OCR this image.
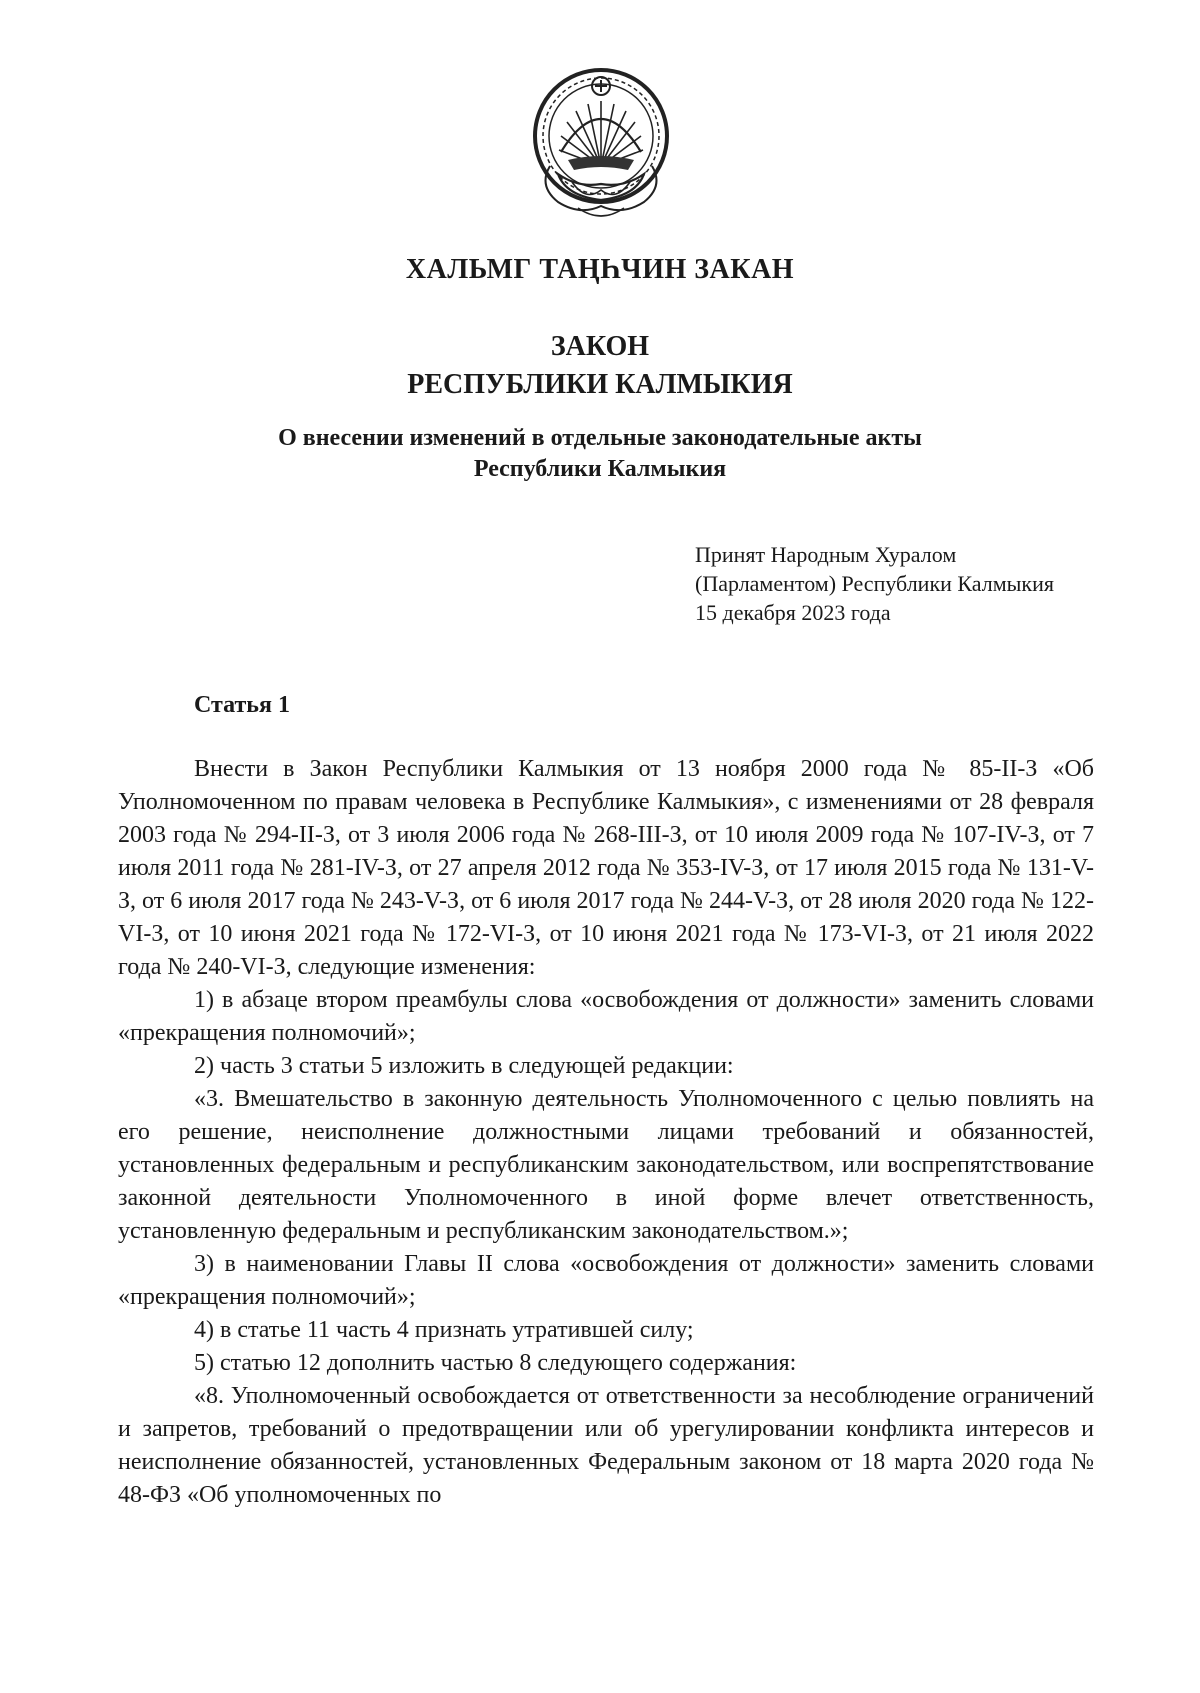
ХАЛЬМГ ТАҢҺЧИН ЗАКАН
ЗАКОН
РЕСПУБЛИКИ КАЛМЫКИЯ
О внесении изменений в отдельные законодательные акты
Республики Калмыкия
Принят Народным Хуралом
(Парламентом) Республики Калмыкия
15 декабря 2023 года
Статья 1

Внести в Закон Республики Калмыкия от 13 ноября 2000 года № 85-II-З «Об Уполномоченном по правам человека в Республике Калмыкия», с изменениями от 28 февраля 2003 года № 294-II-З, от 3 июля 2006 года № 268-III-З, от 10 июля 2009 года № 107-IV-З, от 7 июля 2011 года № 281-IV-З, от 27 апреля 2012 года № 353-IV-З, от 17 июля 2015 года № 131-V-З, от 6 июля 2017 года № 243-V-З, от 6 июля 2017 года № 244-V-З, от 28 июля 2020 года № 122-VI-З, от 10 июня 2021 года № 172-VI-З, от 10 июня 2021 года № 173-VI-З, от 21 июля 2022 года № 240-VI-З, следующие изменения:

1) в абзаце втором преамбулы слова «освобождения от должности» заменить словами «прекращения полномочий»;

2) часть 3 статьи 5 изложить в следующей редакции:

«3. Вмешательство в законную деятельность Уполномоченного с целью повлиять на его решение, неисполнение должностными лицами требований и обязанностей, установленных федеральным и республиканским законодательством, или воспрепятствование законной деятельности Уполномоченного в иной форме влечет ответственность, установленную федеральным и республиканским законодательством.»;

3) в наименовании Главы II слова «освобождения от должности» заменить словами «прекращения полномочий»;

4) в статье 11 часть 4 признать утратившей силу;

5) статью 12 дополнить частью 8 следующего содержания:

«8. Уполномоченный освобождается от ответственности за несоблюдение ограничений и запретов, требований о предотвращении или об урегулировании конфликта интересов и неисполнение обязанностей, установленных Федеральным законом от 18 марта 2020 года № 48-ФЗ «Об уполномоченных по
